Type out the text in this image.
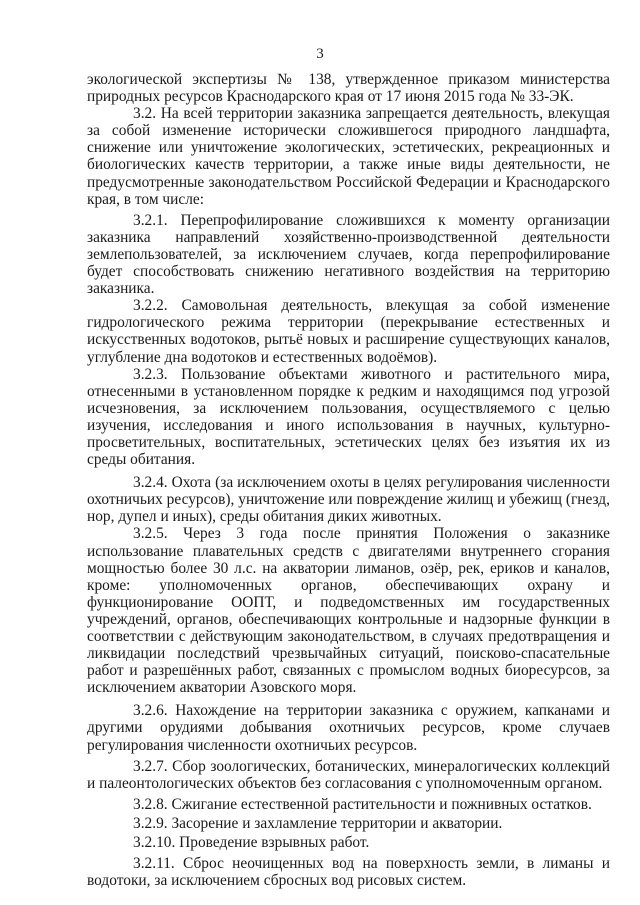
3

экологической экспертизы № 138, утвержденное приказом министерства природных ресурсов Краснодарского края от 17 июня 2015 года № 33-ЭК.

3.2. На всей территории заказника запрещается деятельность, влекущая за собой изменение исторически сложившегося природного ландшафта, снижение или уничтожение экологических, эстетических, рекреационных и биологических качеств территории, а также иные виды деятельности, не предусмотренные законодательством Российской Федерации и Краснодарского края, в том числе:

3.2.1. Перепрофилирование сложившихся к моменту организации заказника направлений хозяйственно-производственной деятельности землепользователей, за исключением случаев, когда перепрофилирование будет способствовать снижению негативного воздействия на территорию заказника.

3.2.2. Самовольная деятельность, влекущая за собой изменение гидрологического режима территории (перекрывание естественных и искусственных водотоков, рытьё новых и расширение существующих каналов, углубление дна водотоков и естественных водоёмов).

3.2.3. Пользование объектами животного и растительного мира, отнесенными в установленном порядке к редким и находящимся под угрозой исчезновения, за исключением пользования, осуществляемого с целью изучения, исследования и иного использования в научных, культурно-просветительных, воспитательных, эстетических целях без изъятия их из среды обитания.

3.2.4. Охота (за исключением охоты в целях регулирования численности охотничьих ресурсов), уничтожение или повреждение жилищ и убежищ (гнезд, нор, дупел и иных), среды обитания диких животных.

3.2.5. Через 3 года после принятия Положения о заказнике использование плавательных средств с двигателями внутреннего сгорания мощностью более 30 л.с. на акватории лиманов, озёр, рек, ериков и каналов, кроме: уполномоченных органов, обеспечивающих охрану и функционирование ООПТ, и подведомственных им государственных учреждений, органов, обеспечивающих контрольные и надзорные функции в соответствии с действующим законодательством, в случаях предотвращения и ликвидации последствий чрезвычайных ситуаций, поисково-спасательные работ и разрешённых работ, связанных с промыслом водных биоресурсов, за исключением акватории Азовского моря.

3.2.6. Нахождение на территории заказника с оружием, капканами и другими орудиями добывания охотничьих ресурсов, кроме случаев регулирования численности охотничьих ресурсов.

3.2.7. Сбор зоологических, ботанических, минералогических коллекций и палеонтологических объектов без согласования с уполномоченным органом.

3.2.8. Сжигание естественной растительности и пожнивных остатков.

3.2.9. Засорение и захламление территории и акватории.

3.2.10. Проведение взрывных работ.

3.2.11. Сброс неочищенных вод на поверхность земли, в лиманы и водотоки, за исключением сбросных вод рисовых систем.
